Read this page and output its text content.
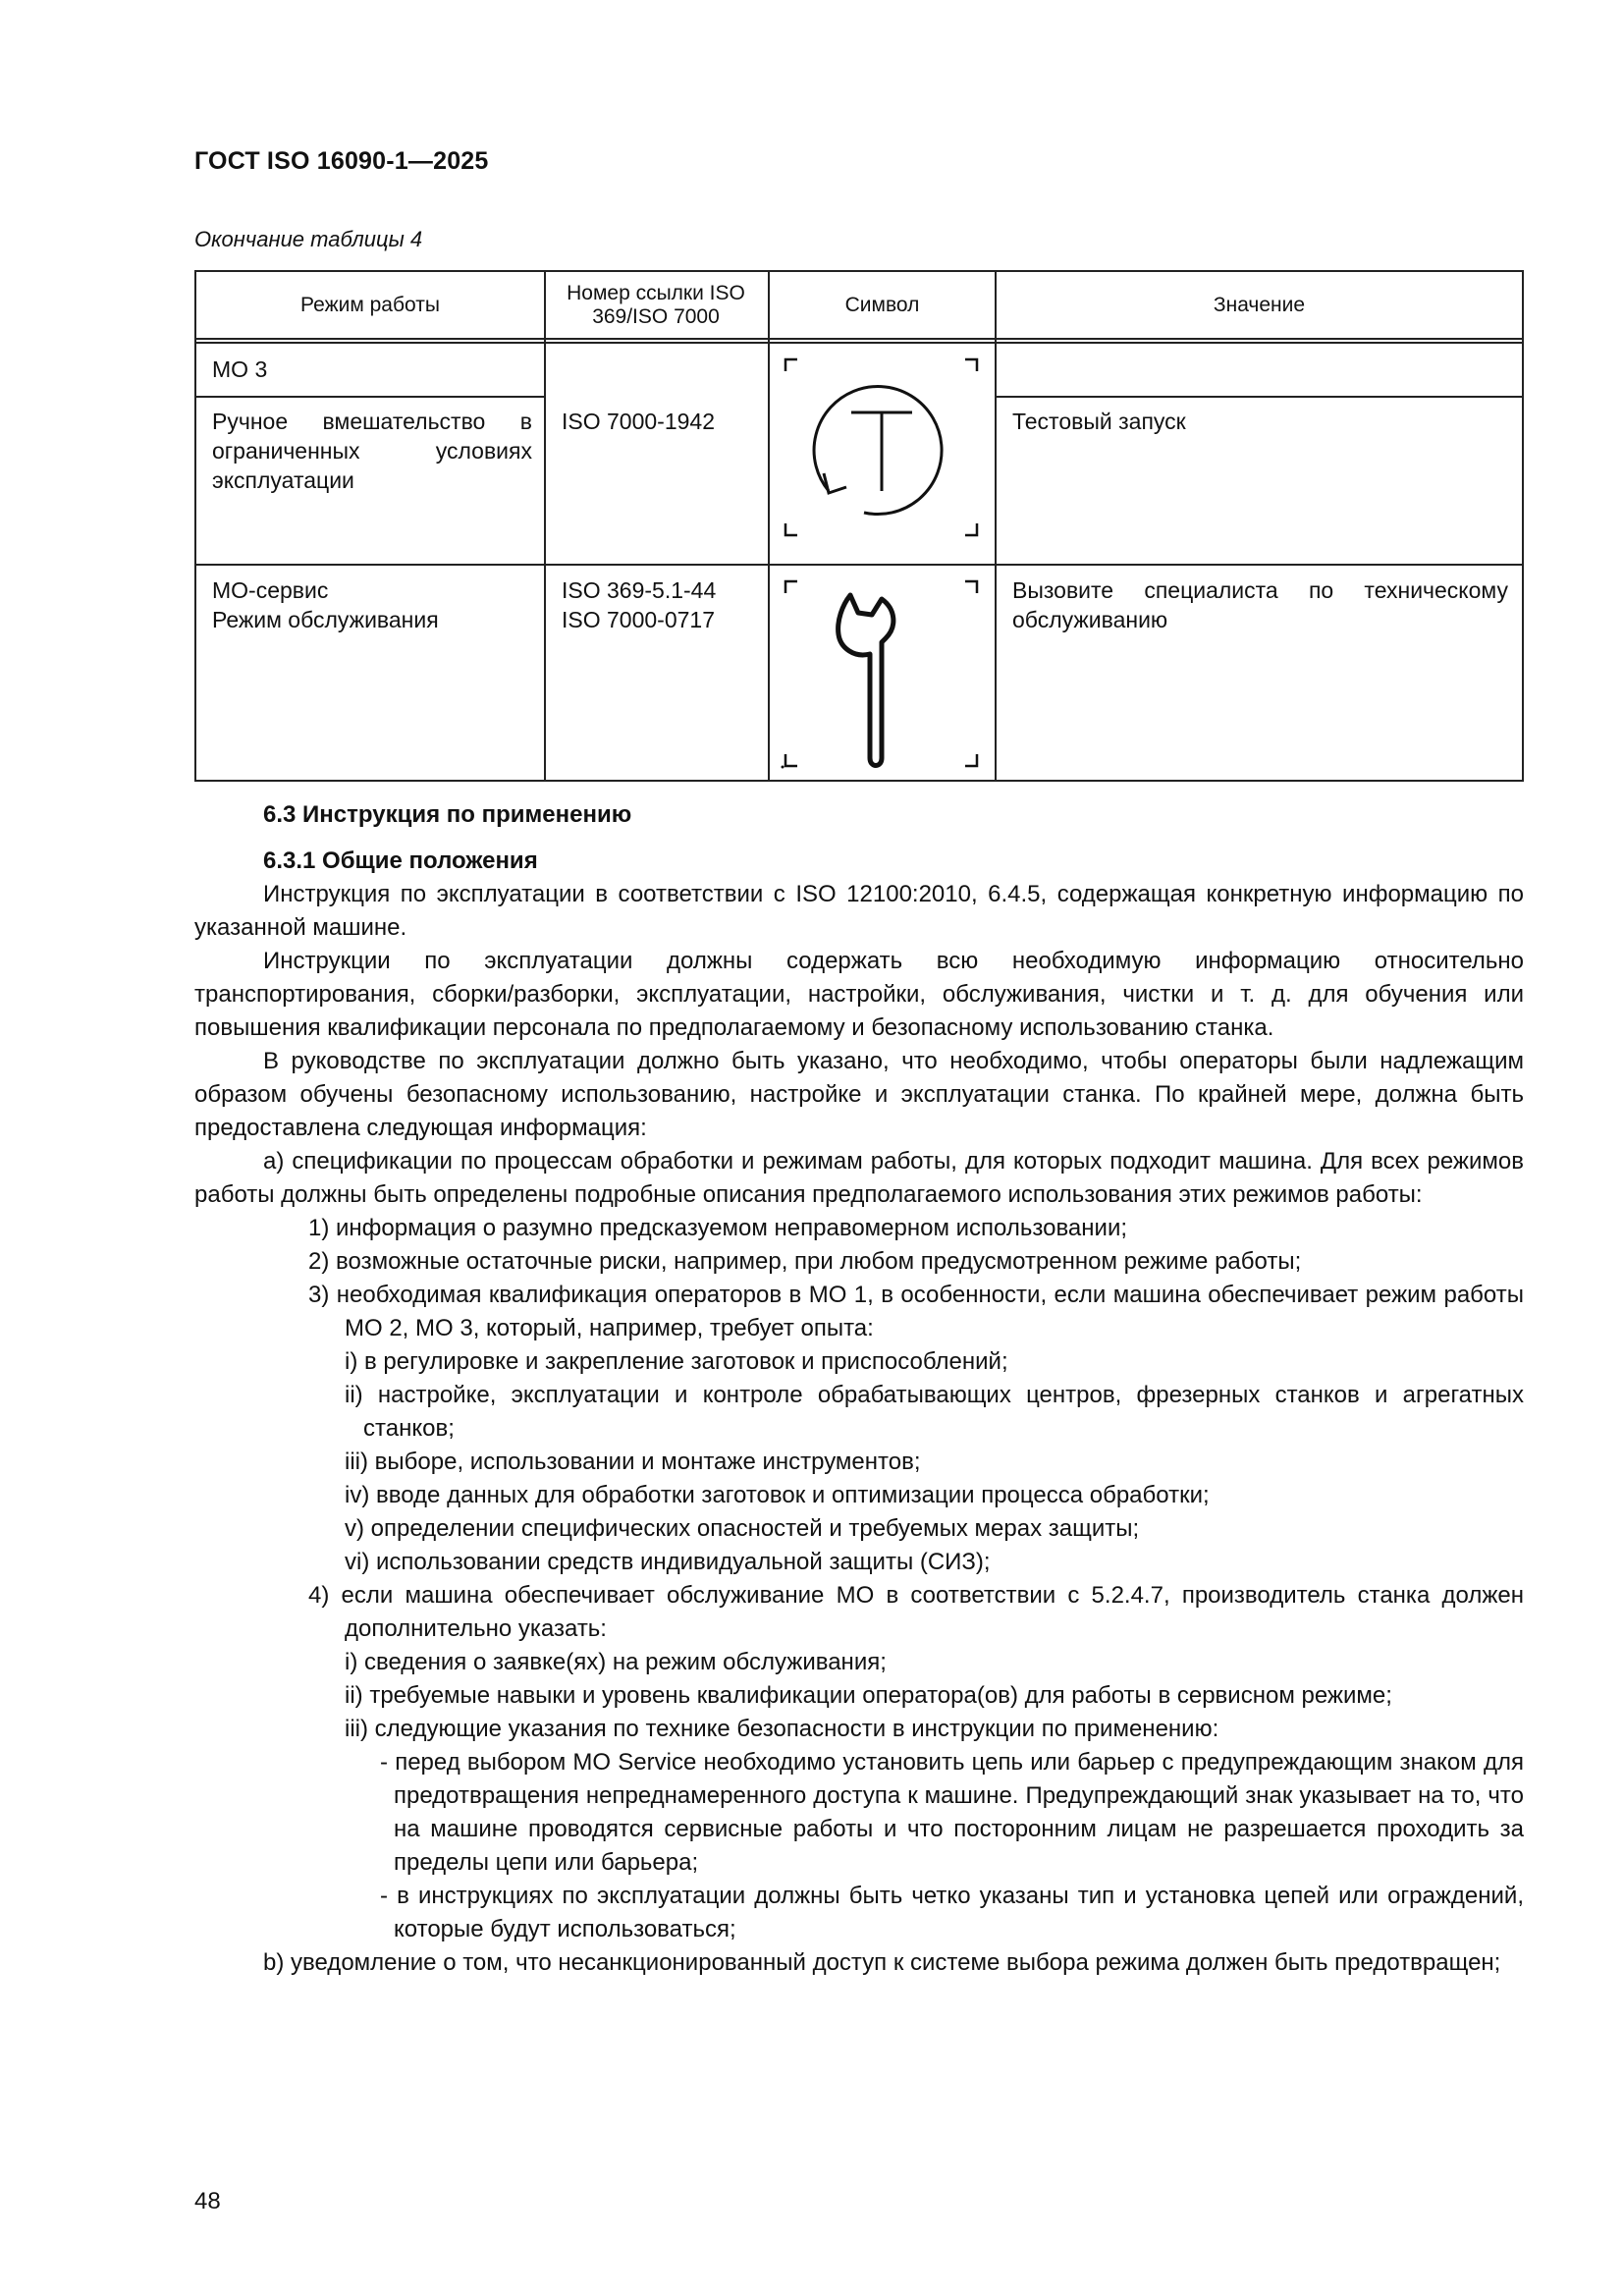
ГОСТ ISO 16090-1—2025
Окончание таблицы 4
Режим работы
Номер ссылки ISO 369/ISO 7000
Символ	Значение
МО 3
Ручное вмешательство в ограниченных условиях эксплуатации
ISO 7000-1942	Тестовый запуск
МО-сервис
Режим обслуживания
ISO 369-5.1-44
ISO 7000-0717
Вызовите специалиста по техническому обслуживанию

6.3 Инструкция по применению

6.3.1 Общие положения

Инструкция по эксплуатации в соответствии с ISO 12100:2010, 6.4.5, содержащая конкретную информацию по указанной машине.

Инструкции по эксплуатации должны содержать всю необходимую информацию относительно транспортирования, сборки/разборки, эксплуатации, настройки, обслуживания, чистки и т. д. для обучения или повышения квалификации персонала по предполагаемому и безопасному использованию станка.

В руководстве по эксплуатации должно быть указано, что необходимо, чтобы операторы были надлежащим образом обучены безопасному использованию, настройке и эксплуатации станка. По крайней мере, должна быть предоставлена следующая информация:

а) спецификации по процессам обработки и режимам работы, для которых подходит машина. Для всех режимов работы должны быть определены подробные описания предполагаемого использования этих режимов работы:

1) информация о разумно предсказуемом неправомерном использовании;

2) возможные остаточные риски, например, при любом предусмотренном режиме работы;

3) необходимая квалификация операторов в МО 1, в особенности, если машина обеспечивает режим работы МО 2, МО 3, который, например, требует опыта:

i) в регулировке и закрепление заготовок и приспособлений;

ii) настройке, эксплуатации и контроле обрабатывающих центров, фрезерных станков и агрегатных станков;

iii) выборе, использовании и монтаже инструментов;

iv) вводе данных для обработки заготовок и оптимизации процесса обработки;

v) определении специфических опасностей и требуемых мерах защиты;

vi) использовании средств индивидуальной защиты (СИЗ);

4) если машина обеспечивает обслуживание МО в соответствии с 5.2.4.7, производитель станка должен дополнительно указать:

i) сведения о заявке(ях) на режим обслуживания;

ii) требуемые навыки и уровень квалификации оператора(ов) для работы в сервисном режиме;

iii) следующие указания по технике безопасности в инструкции по применению:

- перед выбором МО Service необходимо установить цепь или барьер с предупреждающим знаком для предотвращения непреднамеренного доступа к машине. Предупреждающий знак указывает на то, что на машине проводятся сервисные работы и что посторонним лицам не разрешается проходить за пределы цепи или барьера;

- в инструкциях по эксплуатации должны быть четко указаны тип и установка цепей или ограждений, которые будут использоваться;

b) уведомление о том, что несанкционированный доступ к системе выбора режима должен быть предотвращен;

48
